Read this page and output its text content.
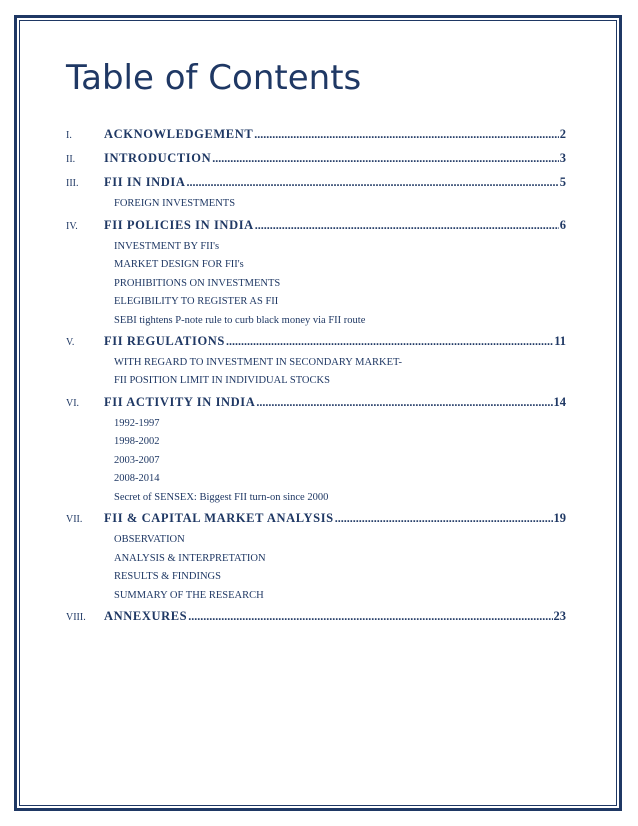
Table of Contents
I.	ACKNOWLEDGEMENT .....	2
II.	INTRODUCTION .....	3
III.	FII IN INDIA .....	5
FOREIGN INVESTMENTS
IV.	FII POLICIES IN INDIA .....	6
INVESTMENT BY FII's
MARKET DESIGN FOR FII's
PROHIBITIONS ON INVESTMENTS
ELEGIBILITY TO REGISTER AS FII
SEBI tightens P-note rule to curb black money via FII route
V.	FII REGULATIONS .....	11
WITH REGARD TO INVESTMENT IN SECONDARY MARKET-
FII POSITION LIMIT IN INDIVIDUAL STOCKS
VI.	FII ACTIVITY IN INDIA .....	14
1992-1997
1998-2002
2003-2007
2008-2014
Secret of SENSEX: Biggest FII turn-on since 2000
VII.	FII & CAPITAL MARKET ANALYSIS .....	19
OBSERVATION
ANALYSIS & INTERPRETATION
RESULTS & FINDINGS
SUMMARY OF THE RESEARCH
VIII.	ANNEXURES .....	23
